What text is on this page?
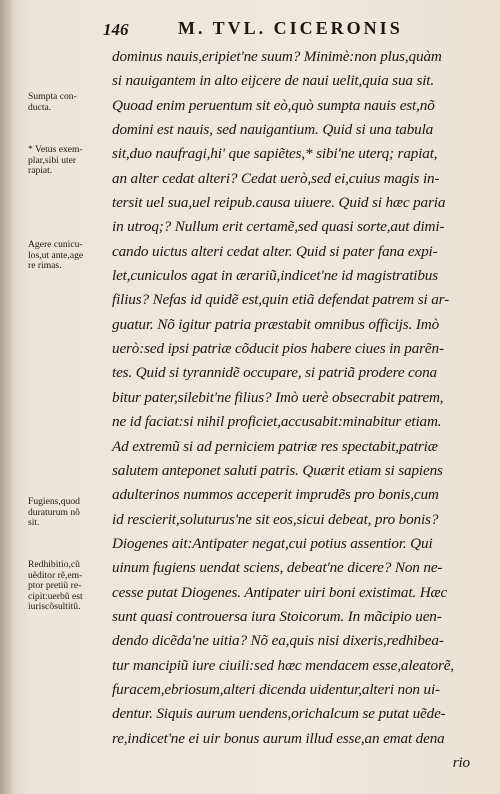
146	M. TVL. CICERONIS
Sumpta con-
ducta.
* Vetus exem-
plar,sibi uter
rapiat.
Agere cunicu-
los,ut ante,age
re rimas.
Fugiens,quod
duraturum nõ
sit.
Redhibitio,cũ
uẽditor rẽ,em-
ptor pretiũ re-
cipit:uerbũ est
iuriscõsultitũ.
dominus nauis,eripiet'ne suum? Minimè:non plus,quàm
si nauigantem in alto eijcere de naui uelit,quia sua sit.
Quoad enim peruentum sit eò,quò sumpta nauis est,nõ
domini est nauis, sed nauigantium. Quid si una tabula
sit,duo naufragi,hi' que sapiẽtes,* sibi'ne uterq; rapiat,
an alter cedat alteri? Cedat uerò,sed ei,cuius magis in-
tersit uel sua,uel reipub.causa uiuere. Quid si hæc paria
in utroq;? Nullum erit certamẽ,sed quasi sorte,aut dimi-
cando uictus alteri cedat alter. Quid si pater fana expi-
let,cuniculos agat in ærariũ,indicet'ne id magistratibus
filius? Nefas id quidẽ est,quin etiã defendat patrem si ar-
guatur. Nõ igitur patria præstabit omnibus officijs. Imò
uerò:sed ipsi patriæ cõducit pios habere ciues in parẽn-
tes. Quid si tyrannidẽ occupare, si patriã prodere cona
bitur pater,silebit'ne filius? Imò uerè obsecrabit patrem,
ne id faciat:si nihil proficiet,accusabit:minabitur etiam.
Ad extremũ si ad perniciem patriæ res spectabit,patriæ
salutem anteponet saluti patris. Quærit etiam si sapiens
adulterinos nummos acceperit imprudẽs pro bonis,cum
id rescierit,soluturus'ne sit eos,sicui debeat, pro bonis?
Diogenes ait:Antipater negat,cui potius assentior. Qui
uinum fugiens uendat sciens, debeat'ne dicere? Non ne-
cesse putat Diogenes. Antipater uiri boni existimat. Hæc
sunt quasi controuersa iura Stoicorum. In mãcipio uen-
dendo dicẽda'ne uitia? Nõ ea,quis nisi dixeris,redhibea-
tur mancipiũ iure ciuili:sed hæc mendacem esse,aleatorẽ,
furacem,ebriosum,alteri dicenda uidentur,alteri non ui-
dentur. Siquis aurum uendens,orichalcum se putat uẽde-
re,indicet'ne ei uir bonus aurum illud esse,an emat dena
rio
